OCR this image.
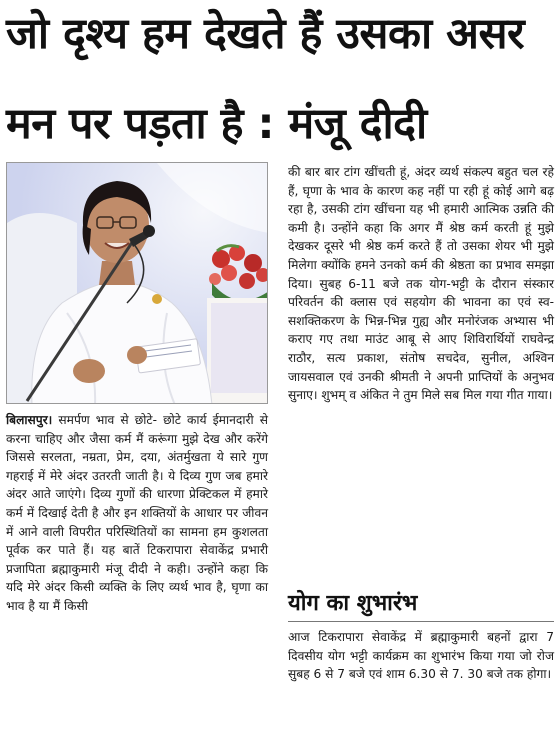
जो दृश्य हम देखते हैं उसका असर
मन पर पड़ता है : मंजू दीदी

बिलासपुर। समर्पण भाव से छोटे- छोटे कार्य ईमानदारी से करना चाहिए और जैसा कर्म मैं करूंगा मुझे देख और करेंगे जिससे सरलता, नम्रता, प्रेम, दया, अंतर्मुखता ये सारे गुण गहराई में मेरे अंदर उतरती जाती है। ये दिव्य गुण जब हमारे अंदर आते जाएंगे। दिव्य गुणों की धारणा प्रेक्टिकल में हमारे कर्म में दिखाई देती है और इन शक्तियों के आधार पर जीवन में आने वाली विपरीत परिस्थितियों का सामना हम कुशलता पूर्वक कर पाते हैं। यह बातें टिकरापारा सेवाकेंद्र प्रभारी प्रजापिता ब्रह्माकुमारी मंजू दीदी ने कही। उन्होंने कहा कि यदि मेरे अंदर किसी व्यक्ति के लिए व्यर्थ भाव है, घृणा का भाव है या मैं किसी

की बार बार टांग खींचती हूं, अंदर व्यर्थ संकल्प बहुत चल रहे हैं, घृणा के भाव के कारण कह नहीं पा रही हूं कोई आगे बढ़ रहा है, उसकी टांग खींचना यह भी हमारी आत्मिक उन्नति की कमी है। उन्होंने कहा कि अगर मैं श्रेष्ठ कर्म करती हूं मुझे देखकर दूसरे भी श्रेष्ठ कर्म करते हैं तो उसका शेयर भी मुझे मिलेगा क्योंकि हमने उनको कर्म की श्रेष्ठता का प्रभाव समझा दिया। सुबह 6-11 बजे तक योग-भट्टी के दौरान संस्कार परिवर्तन की क्लास एवं सहयोग की भावना का एवं स्व-सशक्तिकरण के भिन्न-भिन्न गुह्य और मनोरंजक अभ्यास भी कराए गए तथा माउंट आबू से आए शिविरार्थियों राघवेन्द्र राठौर, सत्य प्रकाश, संतोष सचदेव, सुनील, अश्विन जायसवाल एवं उनकी श्रीमती ने अपनी प्राप्तियों के अनुभव सुनाए। शुभम् व अंकित ने तुम मिले सब मिल गया गीत गाया।

योग का शुभारंभ

आज टिकरापारा सेवाकेंद्र में ब्रह्माकुमारी बहनों द्वारा 7 दिवसीय योग भट्टी कार्यक्रम का शुभारंभ किया गया जो रोज सुबह 6 से 7 बजे एवं शाम 6.30 से 7. 30 बजे तक होगा।
